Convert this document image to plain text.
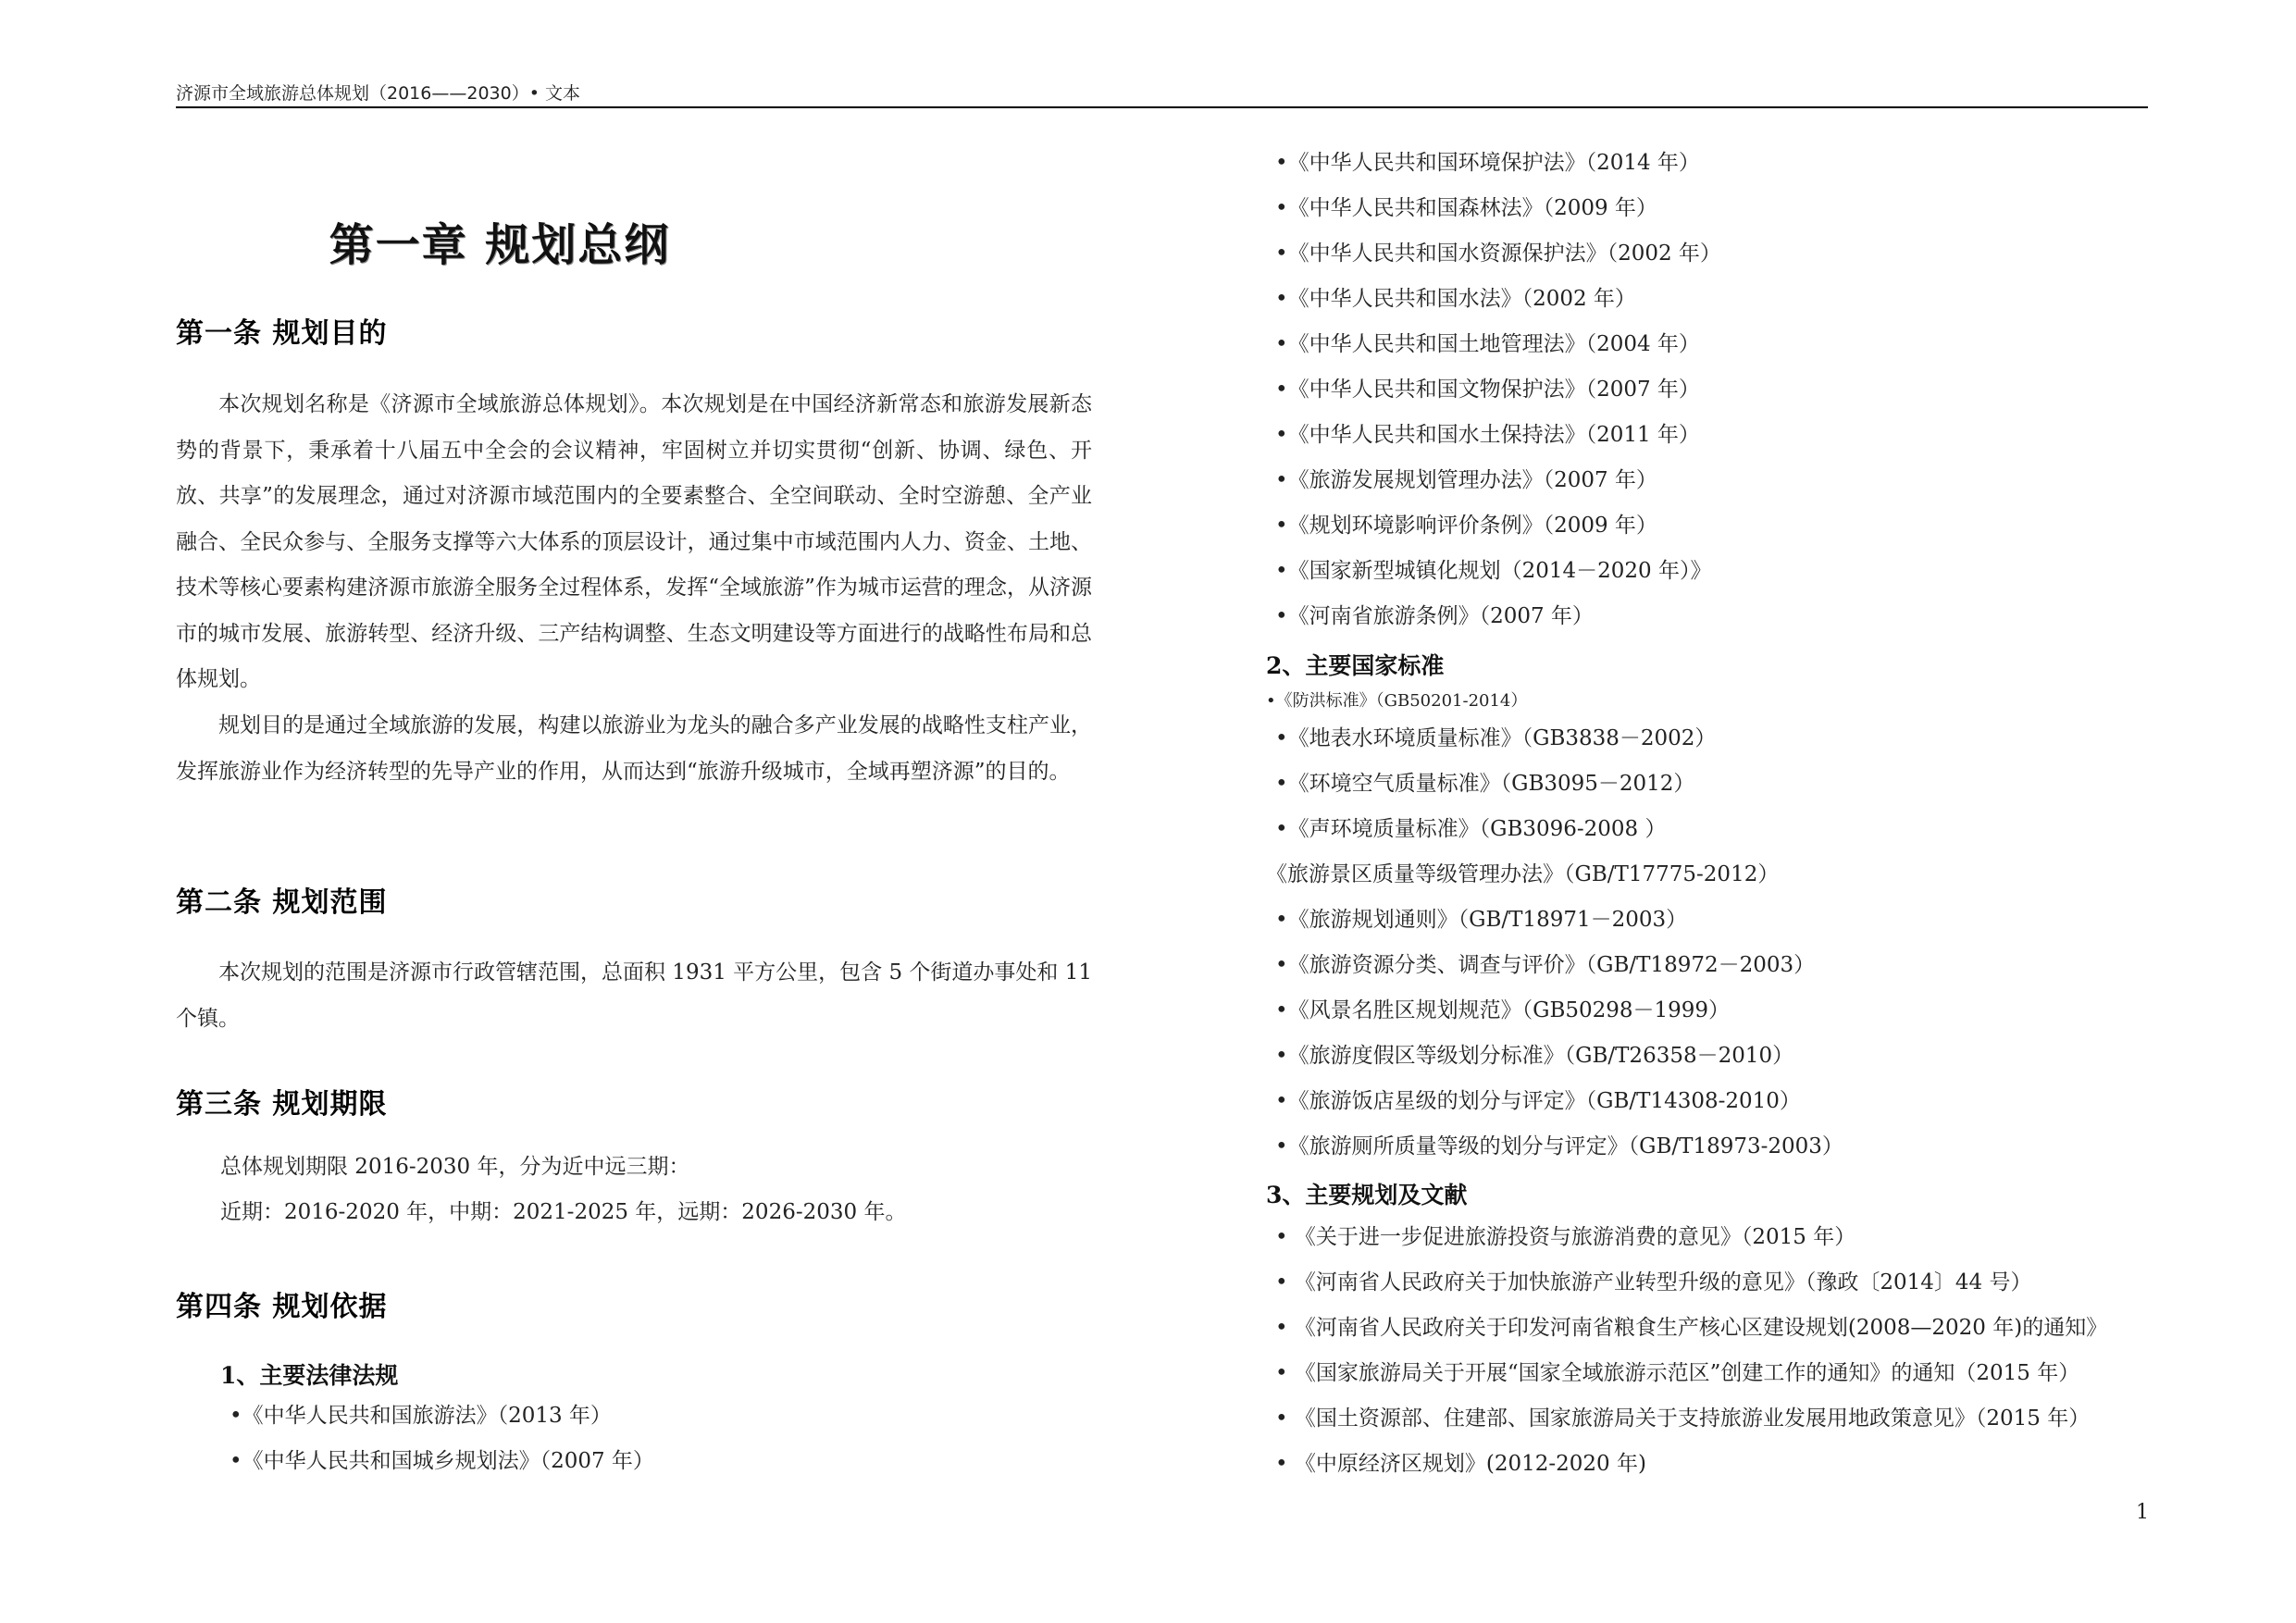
济源市全域旅游总体规划（2016——2030）• 文本
第一章 规划总纲
第一条 规划目的
本次规划名称是《济源市全域旅游总体规划》。本次规划是在中国经济新常态和旅游发展新态势的背景下，秉承着十八届五中全会的会议精神，牢固树立并切实贯彻“创新、协调、绿色、开放、共享”的发展理念，通过对济源市域范围内的全要素整合、全空间联动、全时空游憩、全产业融合、全民众参与、全服务支撑等六大体系的顶层设计，通过集中市域范围内人力、资金、土地、技术等核心要素构建济源市旅游全服务全过程体系，发挥“全域旅游”作为城市运营的理念，从济源市的城市发展、旅游转型、经济升级、三产结构调整、生态文明建设等方面进行的战略性布局和总体规划。
规划目的是通过全域旅游的发展，构建以旅游业为龙头的融合多产业发展的战略性支柱产业，发挥旅游业作为经济转型的先导产业的作用，从而达到“旅游升级城市，全域再塑济源”的目的。
第二条 规划范围
本次规划的范围是济源市行政管辖范围，总面积 1931 平方公里，包含 5 个街道办事处和 11 个镇。
第三条 规划期限
总体规划期限 2016-2030 年，分为近中远三期：
近期：2016-2020 年，中期：2021-2025 年，远期：2026-2030 年。
第四条 规划依据
1、主要法律法规
•《中华人民共和国旅游法》（2013 年）
•《中华人民共和国城乡规划法》（2007 年）
•《中华人民共和国环境保护法》（2014 年）
•《中华人民共和国森林法》（2009 年）
•《中华人民共和国水资源保护法》（2002 年）
•《中华人民共和国水法》（2002 年）
•《中华人民共和国土地管理法》（2004 年）
•《中华人民共和国文物保护法》（2007 年）
•《中华人民共和国水土保持法》（2011 年）
•《旅游发展规划管理办法》（2007 年）
•《规划环境影响评价条例》（2009 年）
•《国家新型城镇化规划（2014－2020 年）》
•《河南省旅游条例》（2007 年）
2、主要国家标准
•《防洪标准》（GB50201-2014）
•《地表水环境质量标准》（GB3838－2002）
•《环境空气质量标准》（GB3095－2012）
•《声环境质量标准》（GB3096-2008 ）
《旅游景区质量等级管理办法》（GB/T17775-2012）
•《旅游规划通则》（GB/T18971－2003）
•《旅游资源分类、调查与评价》（GB/T18972－2003）
•《风景名胜区规划规范》（GB50298－1999）
•《旅游度假区等级划分标准》（GB/T26358－2010）
•《旅游饭店星级的划分与评定》（GB/T14308-2010）
•《旅游厕所质量等级的划分与评定》（GB/T18973-2003）
3、主要规划及文献
• 《关于进一步促进旅游投资与旅游消费的意见》（2015 年）
• 《河南省人民政府关于加快旅游产业转型升级的意见》（豫政〔2014〕44 号）
• 《河南省人民政府关于印发河南省粮食生产核心区建设规划(2008—2020 年)的通知》
• 《国家旅游局关于开展“国家全域旅游示范区”创建工作的通知》的通知（2015 年）
• 《国土资源部、住建部、国家旅游局关于支持旅游业发展用地政策意见》（2015 年）
• 《中原经济区规划》(2012-2020 年)
1
